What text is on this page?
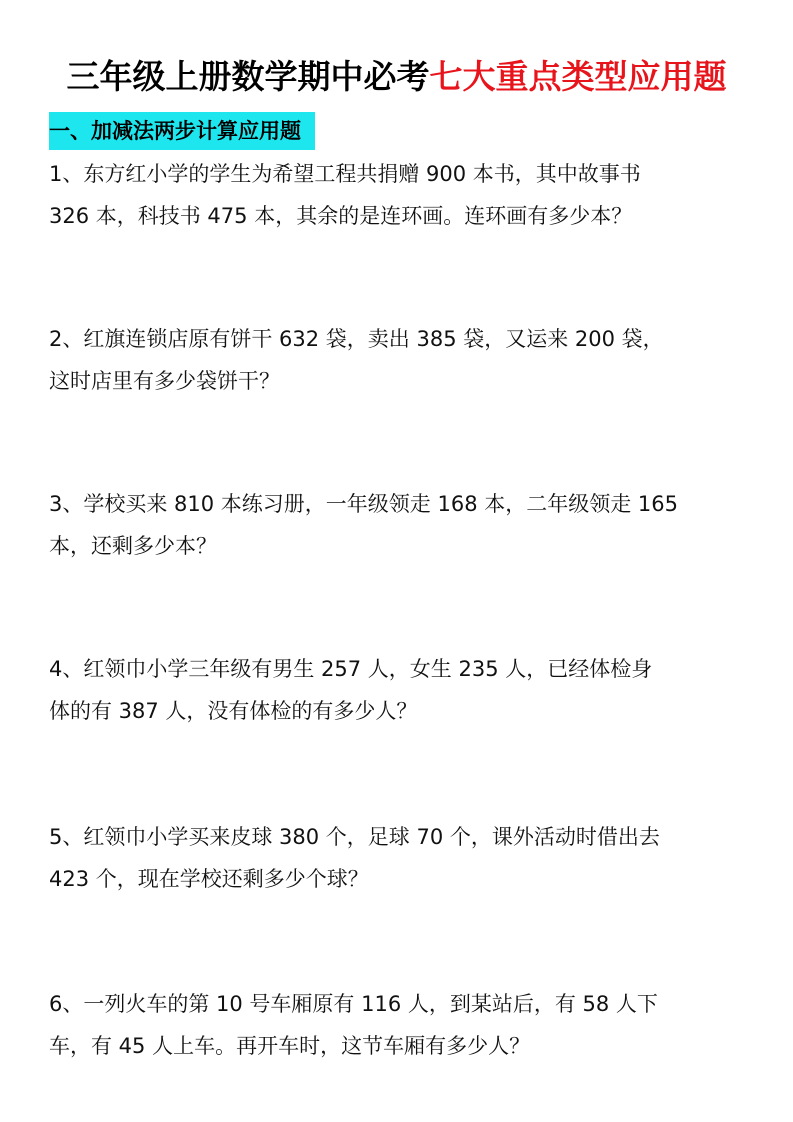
三年级上册数学期中必考七大重点类型应用题
一、加减法两步计算应用题
1、东方红小学的学生为希望工程共捐赠 900 本书，其中故事书
326 本，科技书 475 本，其余的是连环画。连环画有多少本？
2、红旗连锁店原有饼干 632 袋，卖出 385 袋，又运来 200 袋，
这时店里有多少袋饼干？
3、学校买来 810 本练习册，一年级领走 168 本，二年级领走 165
本，还剩多少本？
4、红领巾小学三年级有男生 257 人，女生 235 人，已经体检身
体的有 387 人，没有体检的有多少人？
5、红领巾小学买来皮球 380 个，足球 70 个，课外活动时借出去
423 个，现在学校还剩多少个球？
6、一列火车的第 10 号车厢原有 116 人，到某站后，有 58 人下
车，有 45 人上车。再开车时，这节车厢有多少人？
